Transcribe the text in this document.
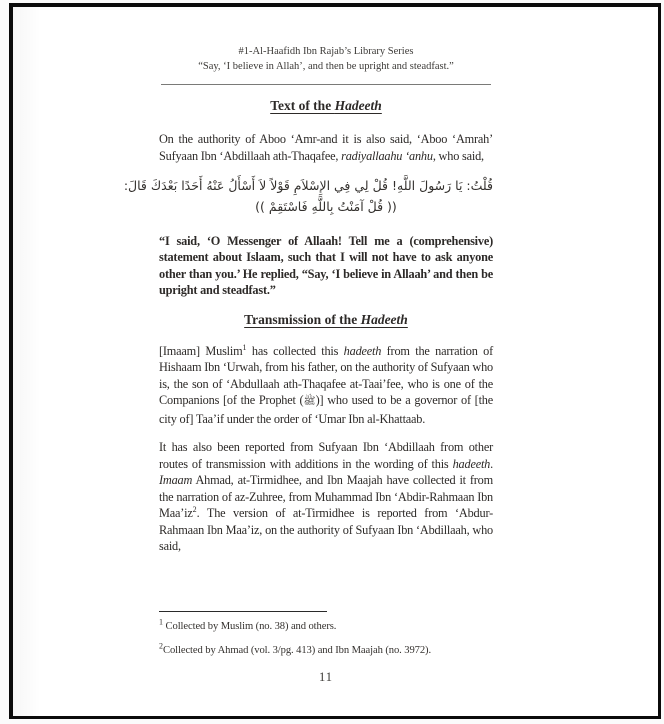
#1-Al-Haafidh Ibn Rajab’s Library Series
“Say, ‘I believe in Allah’, and then be upright and steadfast.”
Text of the Hadeeth

On the authority of Aboo ‘Amr-and it is also said, ‘Aboo ‘Amrah’ Sufyaan Ibn ‘Abdillaah ath-Thaqafee, radiyallaahu ‘anhu, who said,

قُلْتُ: يَا رَسُولَ اللَّهِ! قُلْ لِي فِي الإِسْلاَمِ قَوْلاً لاَ أَسْأَلُ عَنْهُ أَحَدًا بَعْدَكَ قَالَ:
(( قُلْ آمَنْتُ بِاللَّهِ فَاسْتَقِمْ ))

“I said, ‘O Messenger of Allaah! Tell me a (comprehensive) statement about Islaam, such that I will not have to ask anyone other than you.’ He replied, “Say, ‘I believe in Allaah’ and then be upright and steadfast.”

Transmission of the Hadeeth

[Imaam] Muslim$^1$ has collected this hadeeth from the narration of Hishaam Ibn ‘Urwah, from his father, on the authority of Sufyaan who is, the son of ‘Abdullaah ath-Thaqafee at-Taai’fee, who is one of the Companions [of the Prophet (ﷺ)] who used to be a governor of [the city of] Taa’if under the order of ‘Umar Ibn al-Khattaab.

It has also been reported from Sufyaan Ibn ‘Abdillaah from other routes of transmission with additions in the wording of this hadeeth. Imaam Ahmad, at-Tirmidhee, and Ibn Maajah have collected it from the narration of az-Zuhree, from Muhammad Ibn ‘Abdir-Rahmaan Ibn Maa’iz$^2$. The version of at-Tirmidhee is reported from ‘Abdur-Rahmaan Ibn Maa’iz, on the authority of Sufyaan Ibn ‘Abdillaah, who said,

$^1$ Collected by Muslim (no. 38) and others.
$^2$Collected by Ahmad (vol. 3/pg. 413) and Ibn Maajah (no. 3972).
11
